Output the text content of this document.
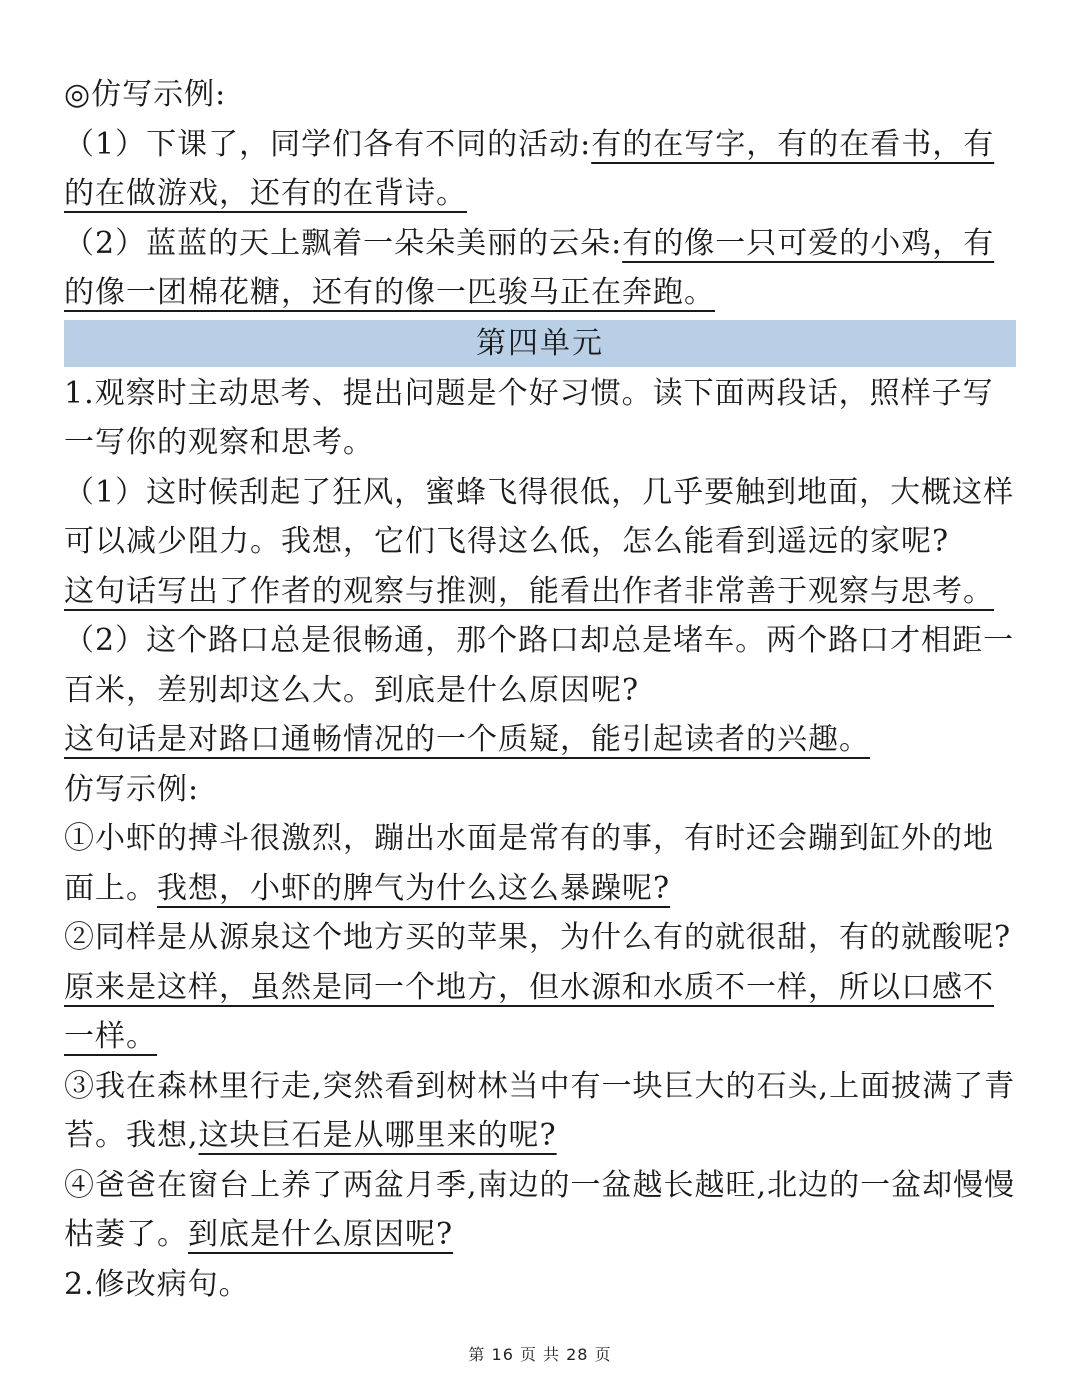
◎仿写示例:

（1）下课了，同学们各有不同的活动:有的在写字，有的在看书，有的在做游戏，还有的在背诗。

（2）蓝蓝的天上飘着一朵朵美丽的云朵:有的像一只可爱的小鸡，有的像一团棉花糖，还有的像一匹骏马正在奔跑。

第四单元

1.观察时主动思考、提出问题是个好习惯。读下面两段话，照样子写一写你的观察和思考。

（1）这时候刮起了狂风，蜜蜂飞得很低，几乎要触到地面，大概这样可以减少阻力。我想，它们飞得这么低，怎么能看到遥远的家呢?

这句话写出了作者的观察与推测，能看出作者非常善于观察与思考。

（2）这个路口总是很畅通，那个路口却总是堵车。两个路口才相距一百米，差别却这么大。到底是什么原因呢?

这句话是对路口通畅情况的一个质疑，能引起读者的兴趣。

仿写示例:

①小虾的搏斗很激烈，蹦出水面是常有的事，有时还会蹦到缸外的地面上。我想，小虾的脾气为什么这么暴躁呢?

②同样是从源泉这个地方买的苹果，为什么有的就很甜，有的就酸呢?原来是这样，虽然是同一个地方，但水源和水质不一样，所以口感不一样。

③我在森林里行走,突然看到树林当中有一块巨大的石头,上面披满了青苔。我想,这块巨石是从哪里来的呢?

④爸爸在窗台上养了两盆月季,南边的一盆越长越旺,北边的一盆却慢慢枯萎了。到底是什么原因呢?

2.修改病句。

第 16 页 共 28 页
